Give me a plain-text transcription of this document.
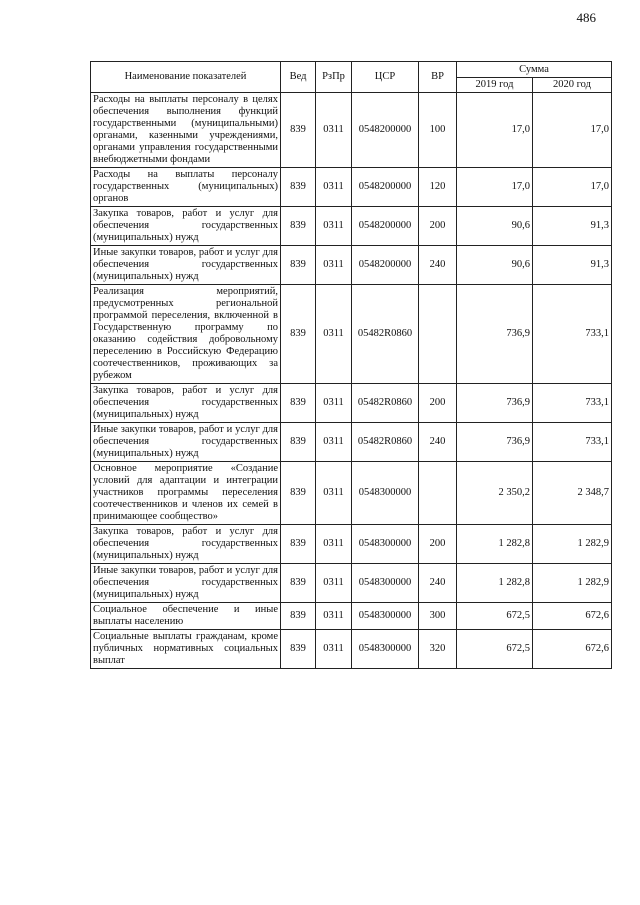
486
Наименование показателей	Вед	РзПр	ЦСР	ВР	Сумма	
					2019 год	2020 год
Расходы на выплаты персоналу в целях обеспечения выполнения функций государственными (муниципальными) органами, казенными учреждениями, органами управления государственными внебюджетными фондами	839	0311	0548200000	100	17,0	17,0
Расходы на выплаты персоналу государственных (муниципальных) органов	839	0311	0548200000	120	17,0	17,0
Закупка товаров, работ и услуг для обеспечения государственных (муниципальных) нужд	839	0311	0548200000	200	90,6	91,3
Иные закупки товаров, работ и услуг для обеспечения государственных (муниципальных) нужд	839	0311	0548200000	240	90,6	91,3
Реализация мероприятий, предусмотренных региональной программой переселения, включенной в Государственную программу по оказанию содействия добровольному переселению в Российскую Федерацию соотечественников, проживающих за рубежом	839	0311	05482R0860		736,9	733,1
Закупка товаров, работ и услуг для обеспечения государственных (муниципальных) нужд	839	0311	05482R0860	200	736,9	733,1
Иные закупки товаров, работ и услуг для обеспечения государственных (муниципальных) нужд	839	0311	05482R0860	240	736,9	733,1
Основное мероприятие «Создание условий для адаптации и интеграции участников программы переселения соотечественников и членов их семей в принимающее сообщество»	839	0311	0548300000		2 350,2	2 348,7
Закупка товаров, работ и услуг для обеспечения государственных (муниципальных) нужд	839	0311	0548300000	200	1 282,8	1 282,9
Иные закупки товаров, работ и услуг для обеспечения государственных (муниципальных) нужд	839	0311	0548300000	240	1 282,8	1 282,9
Социальное обеспечение и иные выплаты населению	839	0311	0548300000	300	672,5	672,6
Социальные выплаты гражданам, кроме публичных нормативных социальных выплат	839	0311	0548300000	320	672,5	672,6
